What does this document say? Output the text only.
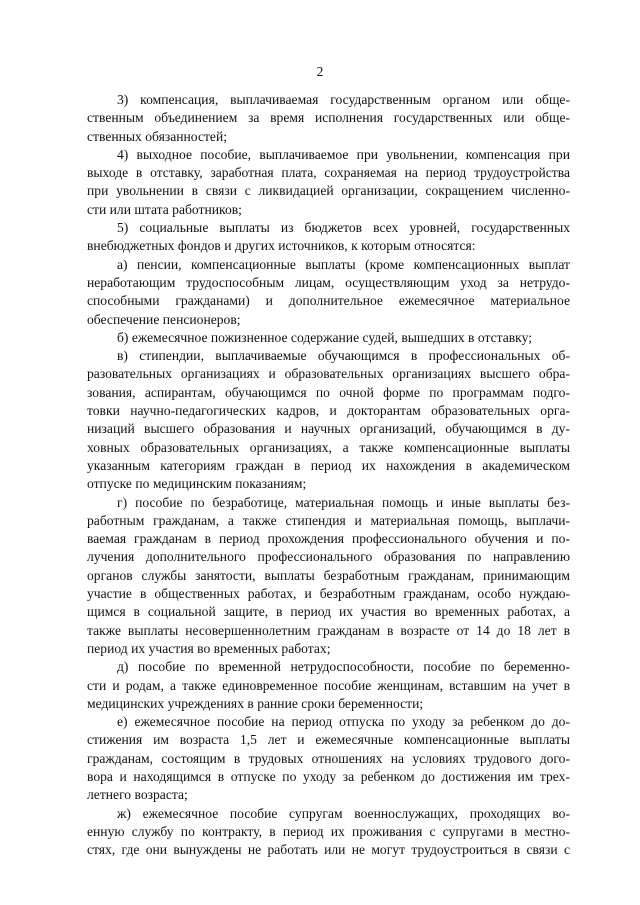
2

3) компенсация, выплачиваемая государственным органом или обще-
ственным объединением за время исполнения государственных или обще-
ственных обязанностей;

4) выходное пособие, выплачиваемое при увольнении, компенсация при
выходе в отставку, заработная плата, сохраняемая на период трудоустройства
при увольнении в связи с ликвидацией организации, сокращением численно-
сти или штата работников;

5) социальные выплаты из бюджетов всех уровней, государственных
внебюджетных фондов и других источников, к которым относятся:

а) пенсии, компенсационные выплаты (кроме компенсационных выплат
неработающим трудоспособным лицам, осуществляющим уход за нетрудо-
способными гражданами) и дополнительное ежемесячное материальное
обеспечение пенсионеров;

б) ежемесячное пожизненное содержание судей, вышедших в отставку;

в) стипендии, выплачиваемые обучающимся в профессиональных об-
разовательных организациях и образовательных организациях высшего обра-
зования, аспирантам, обучающимся по очной форме по программам подго-
товки научно-педагогических кадров, и докторантам образовательных орга-
низаций высшего образования и научных организаций, обучающимся в ду-
ховных образовательных организациях, а также компенсационные выплаты
указанным категориям граждан в период их нахождения в академическом
отпуске по медицинским показаниям;

г) пособие по безработице, материальная помощь и иные выплаты без-
работным гражданам, а также стипендия и материальная помощь, выплачи-
ваемая гражданам в период прохождения профессионального обучения и по-
лучения дополнительного профессионального образования по направлению
органов службы занятости, выплаты безработным гражданам, принимающим
участие в общественных работах, и безработным гражданам, особо нуждаю-
щимся в социальной защите, в период их участия во временных работах, а
также выплаты несовершеннолетним гражданам в возрасте от 14 до 18 лет в
период их участия во временных работах;

д) пособие по временной нетрудоспособности, пособие по беременно-
сти и родам, а также единовременное пособие женщинам, вставшим на учет в
медицинских учреждениях в ранние сроки беременности;

е) ежемесячное пособие на период отпуска по уходу за ребенком до до-
стижения им возраста 1,5 лет и ежемесячные компенсационные выплаты
гражданам, состоящим в трудовых отношениях на условиях трудового дого-
вора и находящимся в отпуске по уходу за ребенком до достижения им трех-
летнего возраста;

ж) ежемесячное пособие супругам военнослужащих, проходящих во-
енную службу по контракту, в период их проживания с супругами в местно-
стях, где они вынуждены не работать или не могут трудоустроиться в связи с
